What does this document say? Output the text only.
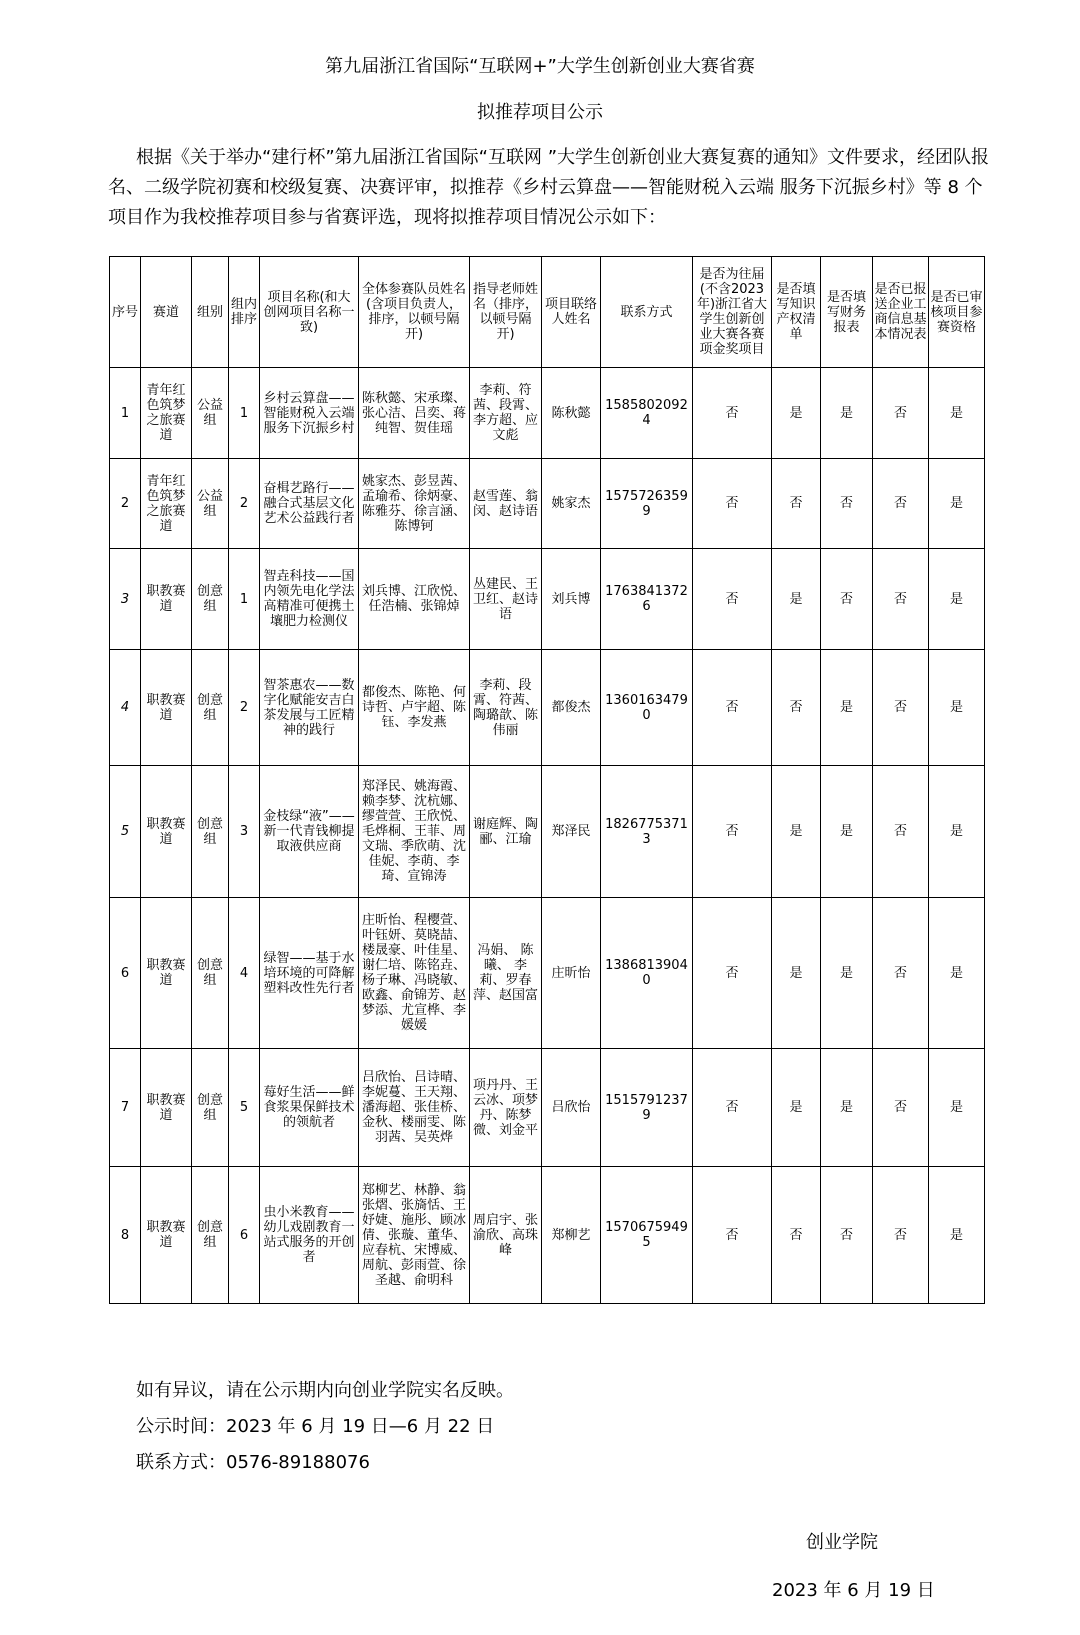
第九届浙江省国际“互联网+”大学生创新创业大赛省赛
拟推荐项目公示

根据《关于举办“建行杯”第九届浙江省国际“互联网 ”大学生创新创业大赛复赛的通知》文件要求，经团队报名、二级学院初赛和校级复赛、决赛评审，拟推荐《乡村云算盘——智能财税入云端 服务下沉振乡村》等 8 个项目作为我校推荐项目参与省赛评选，现将拟推荐项目情况公示如下：

序号	赛道	组别	组内排序	项目名称(和大创网项目名称一致)	全体参赛队员姓名(含项目负责人，排序，以顿号隔开)	指导老师姓名（排序，以顿号隔开)	项目联络人姓名	联系方式	是否为往届(不含2023年)浙江省大学生创新创业大赛各赛项金奖项目	是否填写知识产权清单	是否填写财务报表	是否已报送企业工商信息基本情况表	是否已审核项目参赛资格
1	青年红色筑梦之旅赛道	公益组	1	乡村云算盘——智能财税入云端服务下沉振乡村	陈秋懿、宋承璨、张心洁、吕奕、蒋纯智、贺佳瑶	李莉、符茜、段霄、李方超、应文彪	陈秋懿	15858020924	否	是	是	否	是
2	青年红色筑梦之旅赛道	公益组	2	奋楫艺路行——融合式基层文化艺术公益践行者	姚家杰、彭昱茜、孟瑜希、徐炳豪、陈雅芬、徐言涵、陈博钶	赵雪莲、翁闵、赵诗语	姚家杰	15757263599	否	否	否	否	是
3	职教赛道	创意组	1	智垚科技——国内领先电化学法高精准可便携土壤肥力检测仪	刘兵博、江欣悦、任浩楠、张锦焯	丛建民、王卫红、赵诗语	刘兵博	17638413726	否	是	否	否	是
4	职教赛道	创意组	2	智茶惠农——数字化赋能安吉白茶发展与工匠精神的践行	都俊杰、陈艳、何诗哲、卢宇超、陈钰、李发燕	李莉、段霄、符茜、陶璐歆、陈伟丽	都俊杰	13601634790	否	否	是	否	是
5	职教赛道	创意组	3	金枝绿“液”——新一代青钱柳提取液供应商	郑泽民、姚海霞、赖李梦、沈杭娜、缪萱萱、王欣悦、毛烨桐、王菲、周文瑞、季欣萌、沈佳妮、李萌、李琦、宣锦涛	谢庭辉、陶郦、江瑜	郑泽民	18267753713	否	是	是	否	是
6	职教赛道	创意组	4	绿智——基于水培环境的可降解塑料改性先行者	庄昕怡、程樱萱、叶钰妍、莫晓喆、楼晟豪、叶佳星、谢仁培、陈铭垚、杨子琳、冯晓敏、欧鑫、俞锦芳、赵梦添、尤宣桦、李媛媛	冯娟、 陈曦、 李莉、罗春萍、赵国富	庄昕怡	13868139040	否	是	是	否	是
7	职教赛道	创意组	5	莓好生活——鲜食浆果保鲜技术的领航者	吕欣怡、吕诗晴、李妮蔓、王天翔、潘海超、张佳桥、金秋、楼丽雯、陈羽茜、吴英烨	项丹丹、王云冰、项梦丹、陈梦微、刘金平	吕欣怡	15157912379	否	是	是	否	是
8	职教赛道	创意组	6	虫小米教育——幼儿戏剧教育一站式服务的开创者	郑柳艺、林静、翁张熠、张旖恬、王妤婕、施彤、顾冰倩、张璇、董华、应春杭、宋博威、周航、彭雨萱、徐圣越、俞明科	周启宇、张渝欣、高珠峰	郑柳艺	15706759495	否	否	否	否	是
如有异议，请在公示期内向创业学院实名反映。
公示时间：2023 年 6 月 19 日—6 月 22 日
联系方式：0576-89188076
创业学院
2023 年 6 月 19 日
